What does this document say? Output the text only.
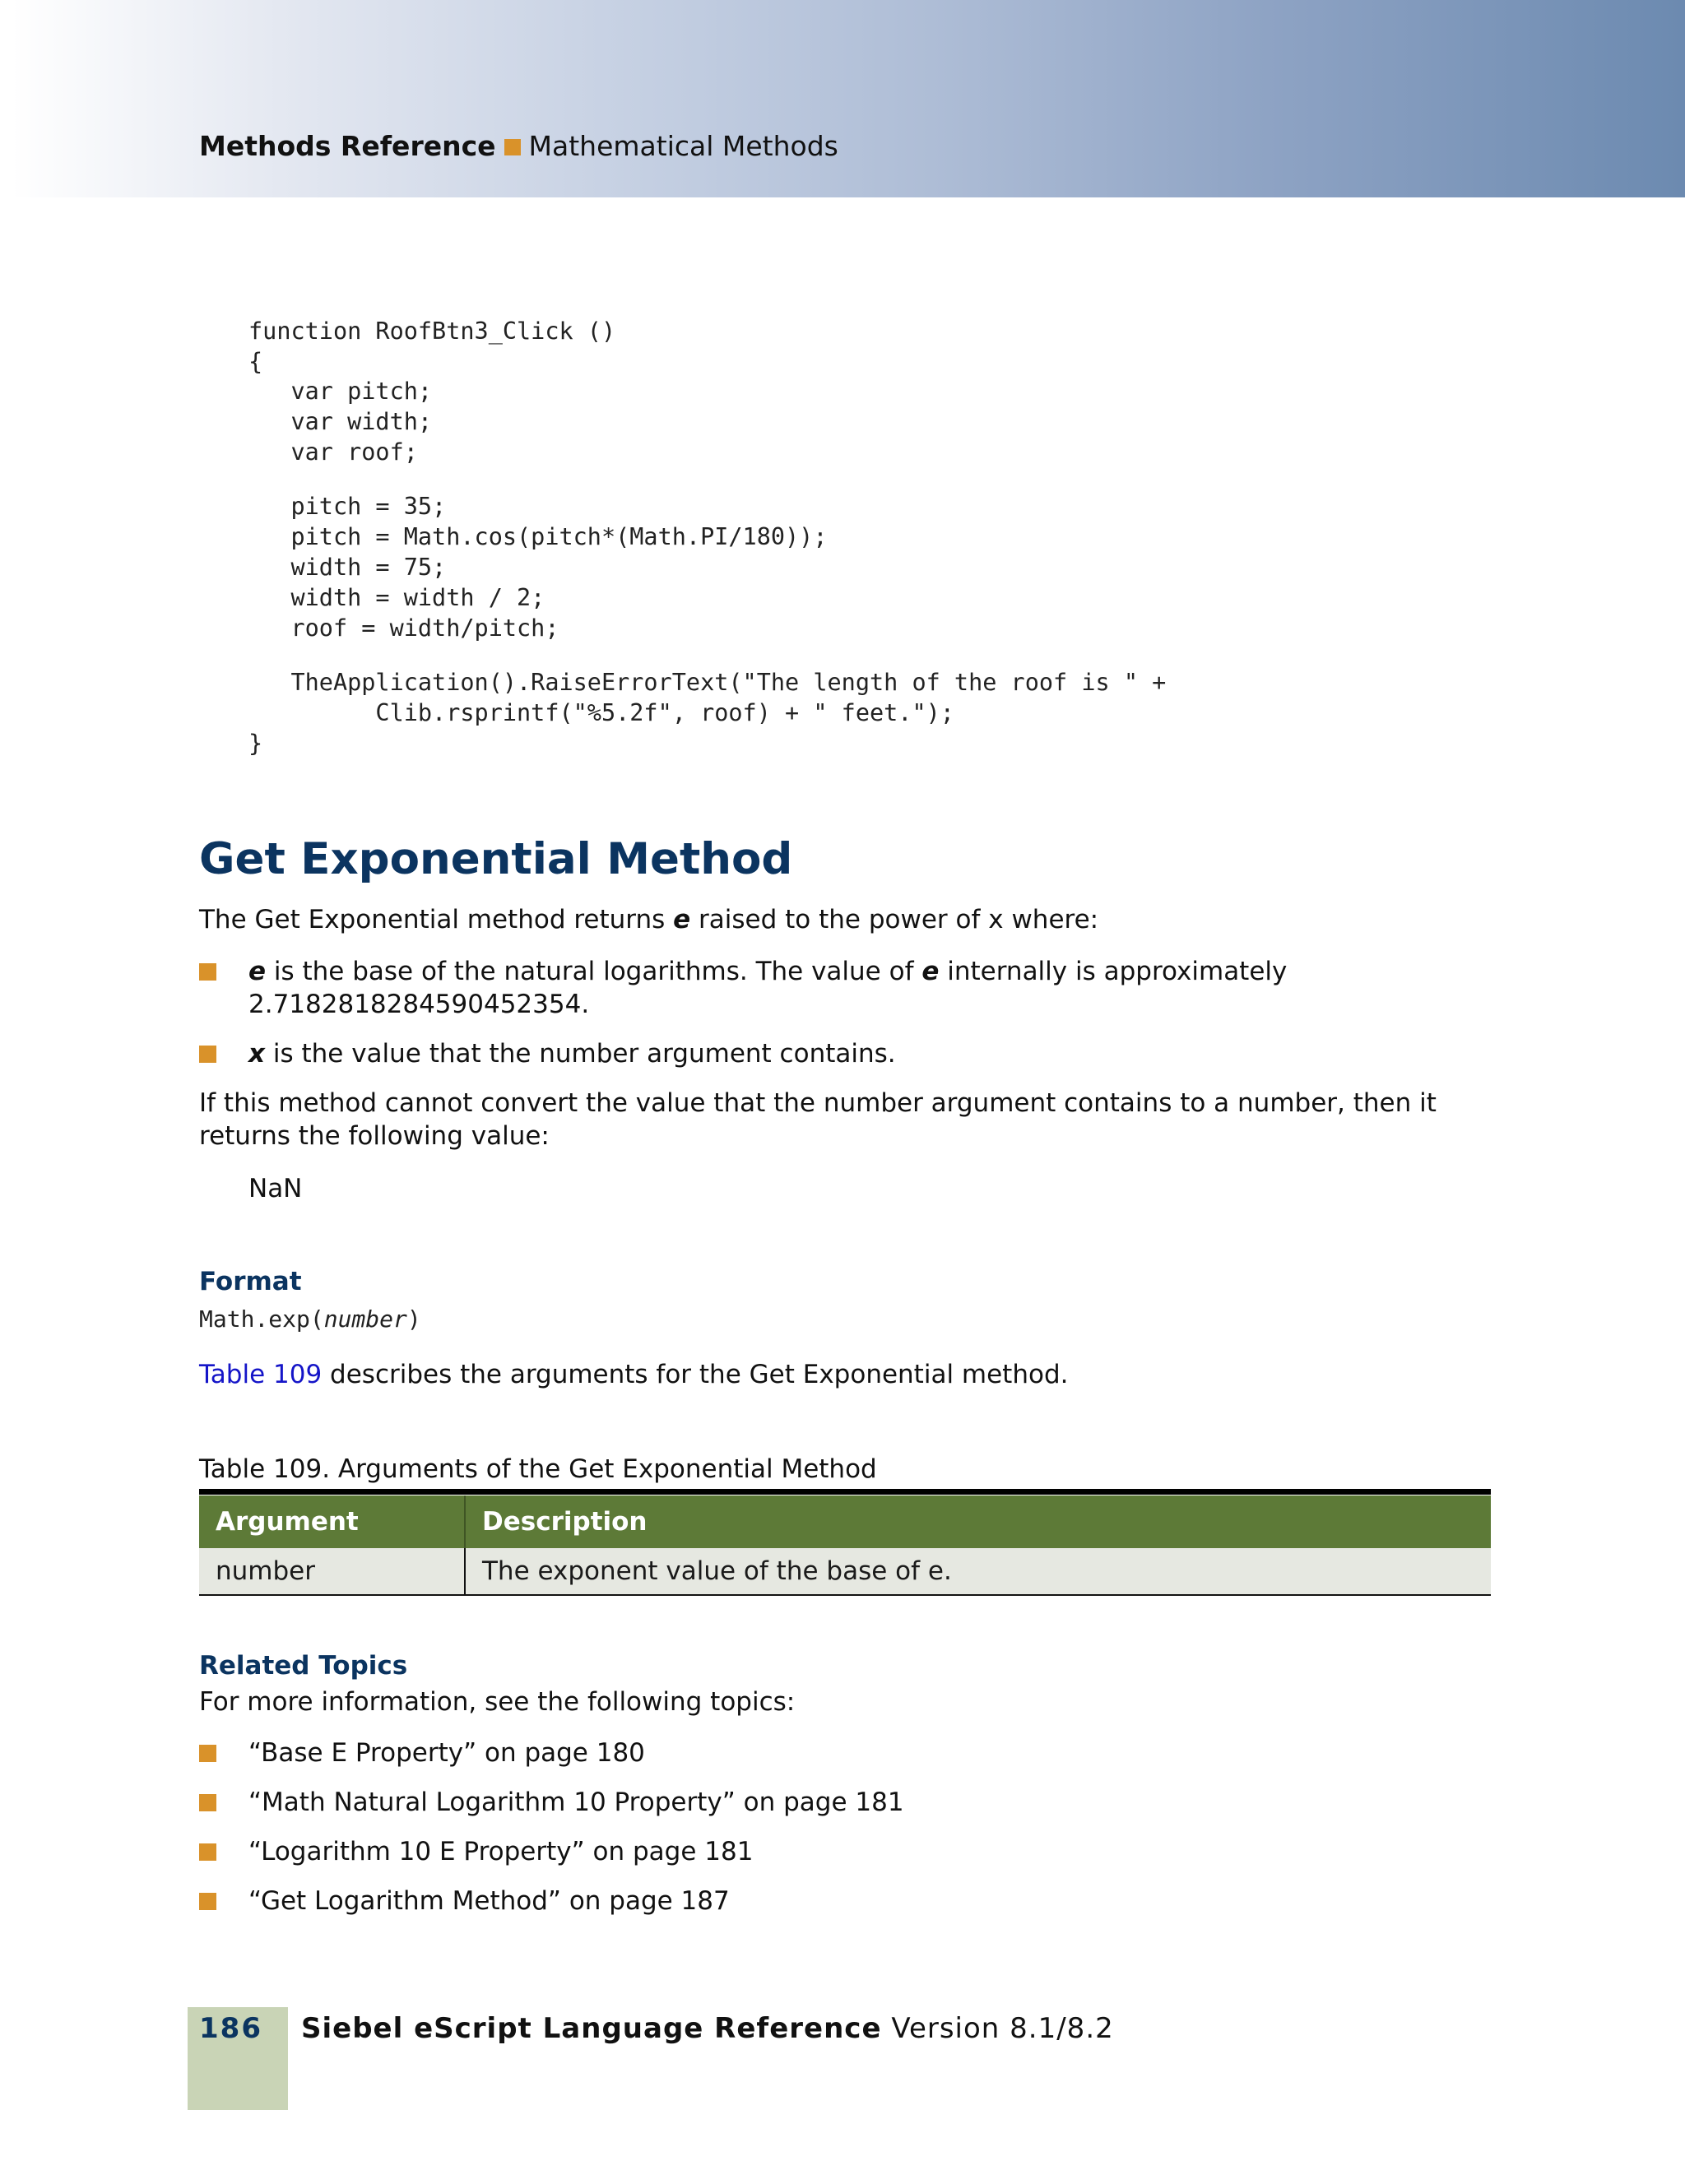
Methods Reference Mathematical Methods
function RoofBtn3_Click ()
{
var pitch;
var width;
var roof;
pitch = 35;
pitch = Math.cos(pitch*(Math.PI/180));
width = 75;
width = width / 2;
roof = width/pitch;
TheApplication().RaiseErrorText("The length of the roof is " +
Clib.rsprintf("%5.2f", roof) + " feet.");
}
Get Exponential Method

The Get Exponential method returns e raised to the power of x where:

e is the base of the natural logarithms. The value of e internally is approximately
2.7182818284590452354.
x is the value that the number argument contains.

If this method cannot convert the value that the number argument contains to a number, then it

returns the following value:

NaN

Format
Math.exp(number)

Table 109 describes the arguments for the Get Exponential method.

Table 109. Arguments of the Get Exponential Method

Argument	Description
number	The exponent value of the base of e.
Related Topics

For more information, see the following topics:

“Base E Property” on page 180
“Math Natural Logarithm 10 Property” on page 181
“Logarithm 10 E Property” on page 181
“Get Logarithm Method” on page 187
186 Siebel eScript Language Reference Version 8.1/8.2
